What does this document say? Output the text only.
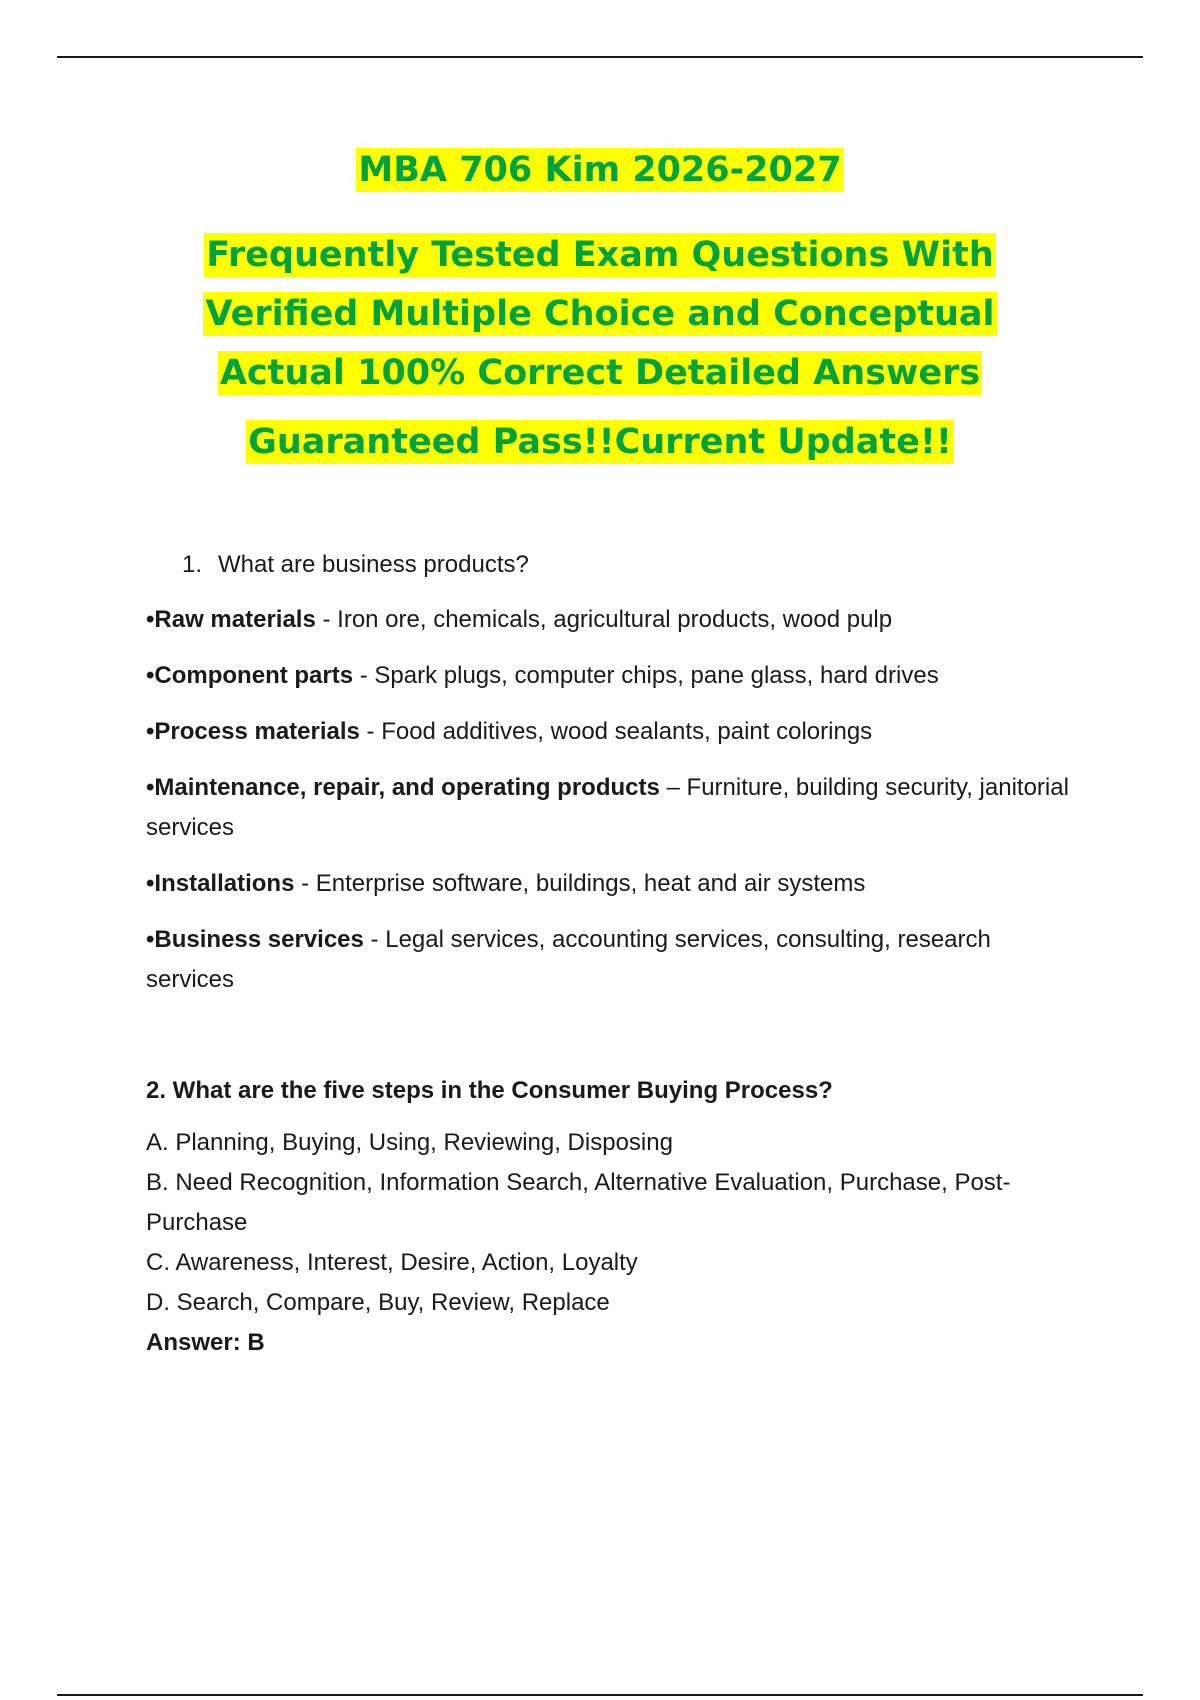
MBA 706 Kim 2026-2027
Frequently Tested Exam Questions With
Verified Multiple Choice and Conceptual
Actual 100% Correct Detailed Answers
Guaranteed Pass!!Current Update!!
1. What are business products?

•Raw materials - Iron ore, chemicals, agricultural products, wood pulp

•Component parts - Spark plugs, computer chips, pane glass, hard drives

•Process materials - Food additives, wood sealants, paint colorings

•Maintenance, repair, and operating products – Furniture, building security, janitorial services

•Installations - Enterprise software, buildings, heat and air systems

•Business services - Legal services, accounting services, consulting, research services

2. What are the five steps in the Consumer Buying Process?

A. Planning, Buying, Using, Reviewing, Disposing

B. Need Recognition, Information Search, Alternative Evaluation, Purchase, Post-Purchase

C. Awareness, Interest, Desire, Action, Loyalty

D. Search, Compare, Buy, Review, Replace

Answer: B
